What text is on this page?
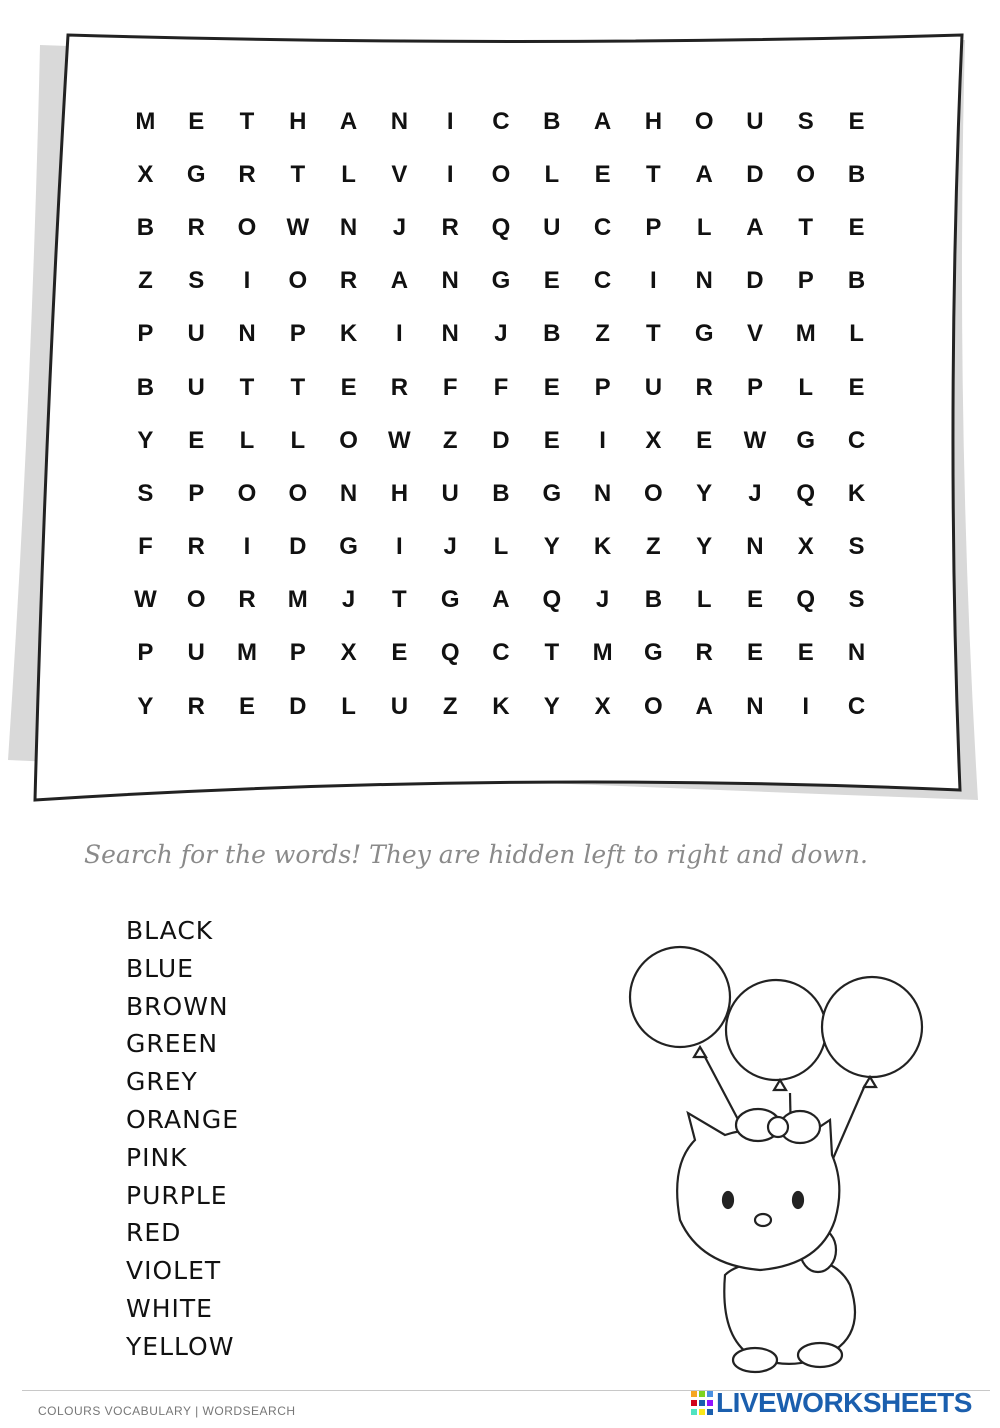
M	E	T	H	A	N	I	C	B	A	H	O	U	S	E
X	G	R	T	L	V	I	O	L	E	T	A	D	O	B
B	R	O	W	N	J	R	Q	U	C	P	L	A	T	E
Z	S	I	O	R	A	N	G	E	C	I	N	D	P	B
P	U	N	P	K	I	N	J	B	Z	T	G	V	M	L
B	U	T	T	E	R	F	F	E	P	U	R	P	L	E
Y	E	L	L	O	W	Z	D	E	I	X	E	W	G	C
S	P	O	O	N	H	U	B	G	N	O	Y	J	Q	K
F	R	I	D	G	I	J	L	Y	K	Z	Y	N	X	S
W	O	R	M	J	T	G	A	Q	J	B	L	E	Q	S
P	U	M	P	X	E	Q	C	T	M	G	R	E	E	N
Y	R	E	D	L	U	Z	K	Y	X	O	A	N	I	C
Search for the words! They are hidden left to right and down.
BLACK
BLUE
BROWN
GREEN
GREY
ORANGE
PINK
PURPLE
RED
VIOLET
WHITE
YELLOW
COLOURS VOCABULARY | WORDSEARCH	LIVEWORKSHEETS
